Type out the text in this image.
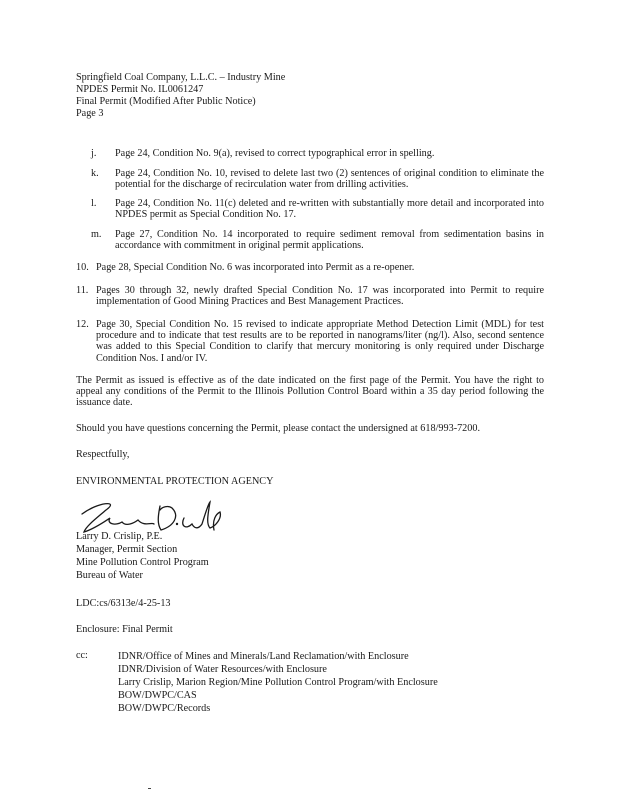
Springfield Coal Company, L.L.C. – Industry Mine
NPDES Permit No. IL0061247
Final Permit (Modified After Public Notice)
Page 3
j. Page 24, Condition No. 9(a), revised to correct typographical error in spelling.
k. Page 24, Condition No. 10, revised to delete last two (2) sentences of original condition to eliminate the potential for the discharge of recirculation water from drilling activities.
l. Page 24, Condition No. 11(c) deleted and re-written with substantially more detail and incorporated into NPDES permit as Special Condition No. 17.
m. Page 27, Condition No. 14 incorporated to require sediment removal from sedimentation basins in accordance with commitment in original permit applications.
10. Page 28, Special Condition No. 6 was incorporated into Permit as a re-opener.
11. Pages 30 through 32, newly drafted Special Condition No. 17 was incorporated into Permit to require implementation of Good Mining Practices and Best Management Practices.
12. Page 30, Special Condition No. 15 revised to indicate appropriate Method Detection Limit (MDL) for test procedure and to indicate that test results are to be reported in nanograms/liter (ng/l). Also, second sentence was added to this Special Condition to clarify that mercury monitoring is only required under Discharge Condition Nos. I and/or IV.
The Permit as issued is effective as of the date indicated on the first page of the Permit. You have the right to appeal any conditions of the Permit to the Illinois Pollution Control Board within a 35 day period following the issuance date.
Should you have questions concerning the Permit, please contact the undersigned at 618/993-7200.
Respectfully,
ENVIRONMENTAL PROTECTION AGENCY
Larry D. Crislip, P.E.
Manager, Permit Section
Mine Pollution Control Program
Bureau of Water
LDC:cs/6313e/4-25-13
Enclosure: Final Permit
cc:	IDNR/Office of Mines and Minerals/Land Reclamation/with Enclosure
IDNR/Division of Water Resources/with Enclosure
Larry Crislip, Marion Region/Mine Pollution Control Program/with Enclosure
BOW/DWPC/CAS
BOW/DWPC/Records
